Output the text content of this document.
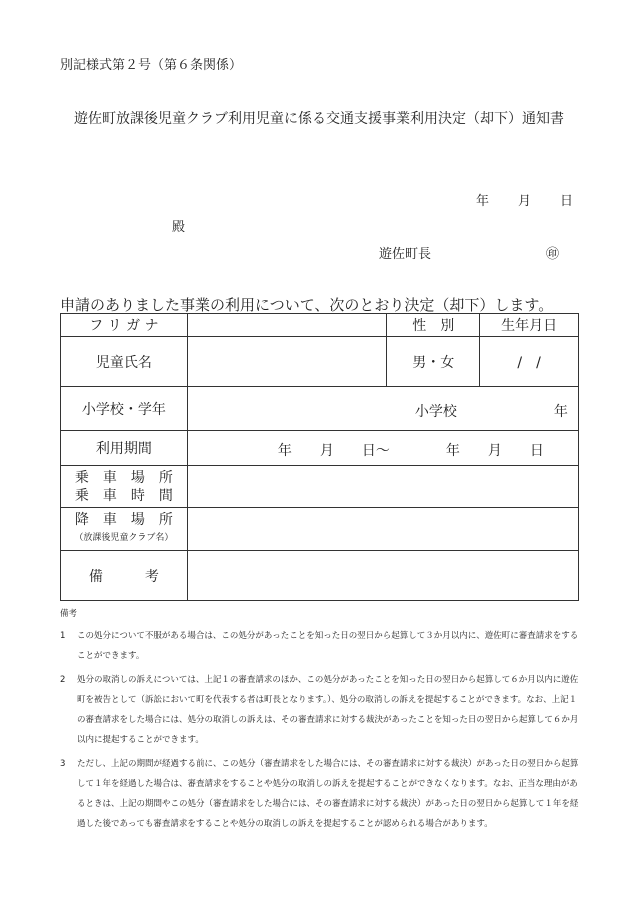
別記様式第２号（第６条関係）
遊佐町放課後児童クラブ利用児童に係る交通支援事業利用決定（却下）通知書
年 月 日
殿
遊佐町長	㊞
申請のありました事業の利用について、次のとおり決定（却下）します。
フ リ ガ ナ		性　別	生年月日
児童氏名		男・女	/　/
小学校・学年	小学校 年		

利用期間	年　　月　　日〜 年　　月　　日		

乗　車　場　所
乗　車　時　間			

降　車　場　所
（放課後児童クラブ名）			

備　　　考			
備考
1 この処分について不服がある場合は、この処分があったことを知った日の翌日から起算して３か月以内に、遊佐町に審査請求をすることができます。
2 処分の取消しの訴えについては、上記１の審査請求のほか、この処分があったことを知った日の翌日から起算して６か月以内に遊佐町を被告として（訴訟において町を代表する者は町長となります。）、処分の取消しの訴えを提起することができます。なお、上記１の審査請求をした場合には、処分の取消しの訴えは、その審査請求に対する裁決があったことを知った日の翌日から起算して６か月以内に提起することができます。
3 ただし、上記の期間が経過する前に、この処分（審査請求をした場合には、その審査請求に対する裁決）があった日の翌日から起算して１年を経過した場合は、審査請求をすることや処分の取消しの訴えを提起することができなくなります。なお、正当な理由があるときは、上記の期間やこの処分（審査請求をした場合には、その審査請求に対する裁決）があった日の翌日から起算して１年を経過した後であっても審査請求をすることや処分の取消しの訴えを提起することが認められる場合があります。
